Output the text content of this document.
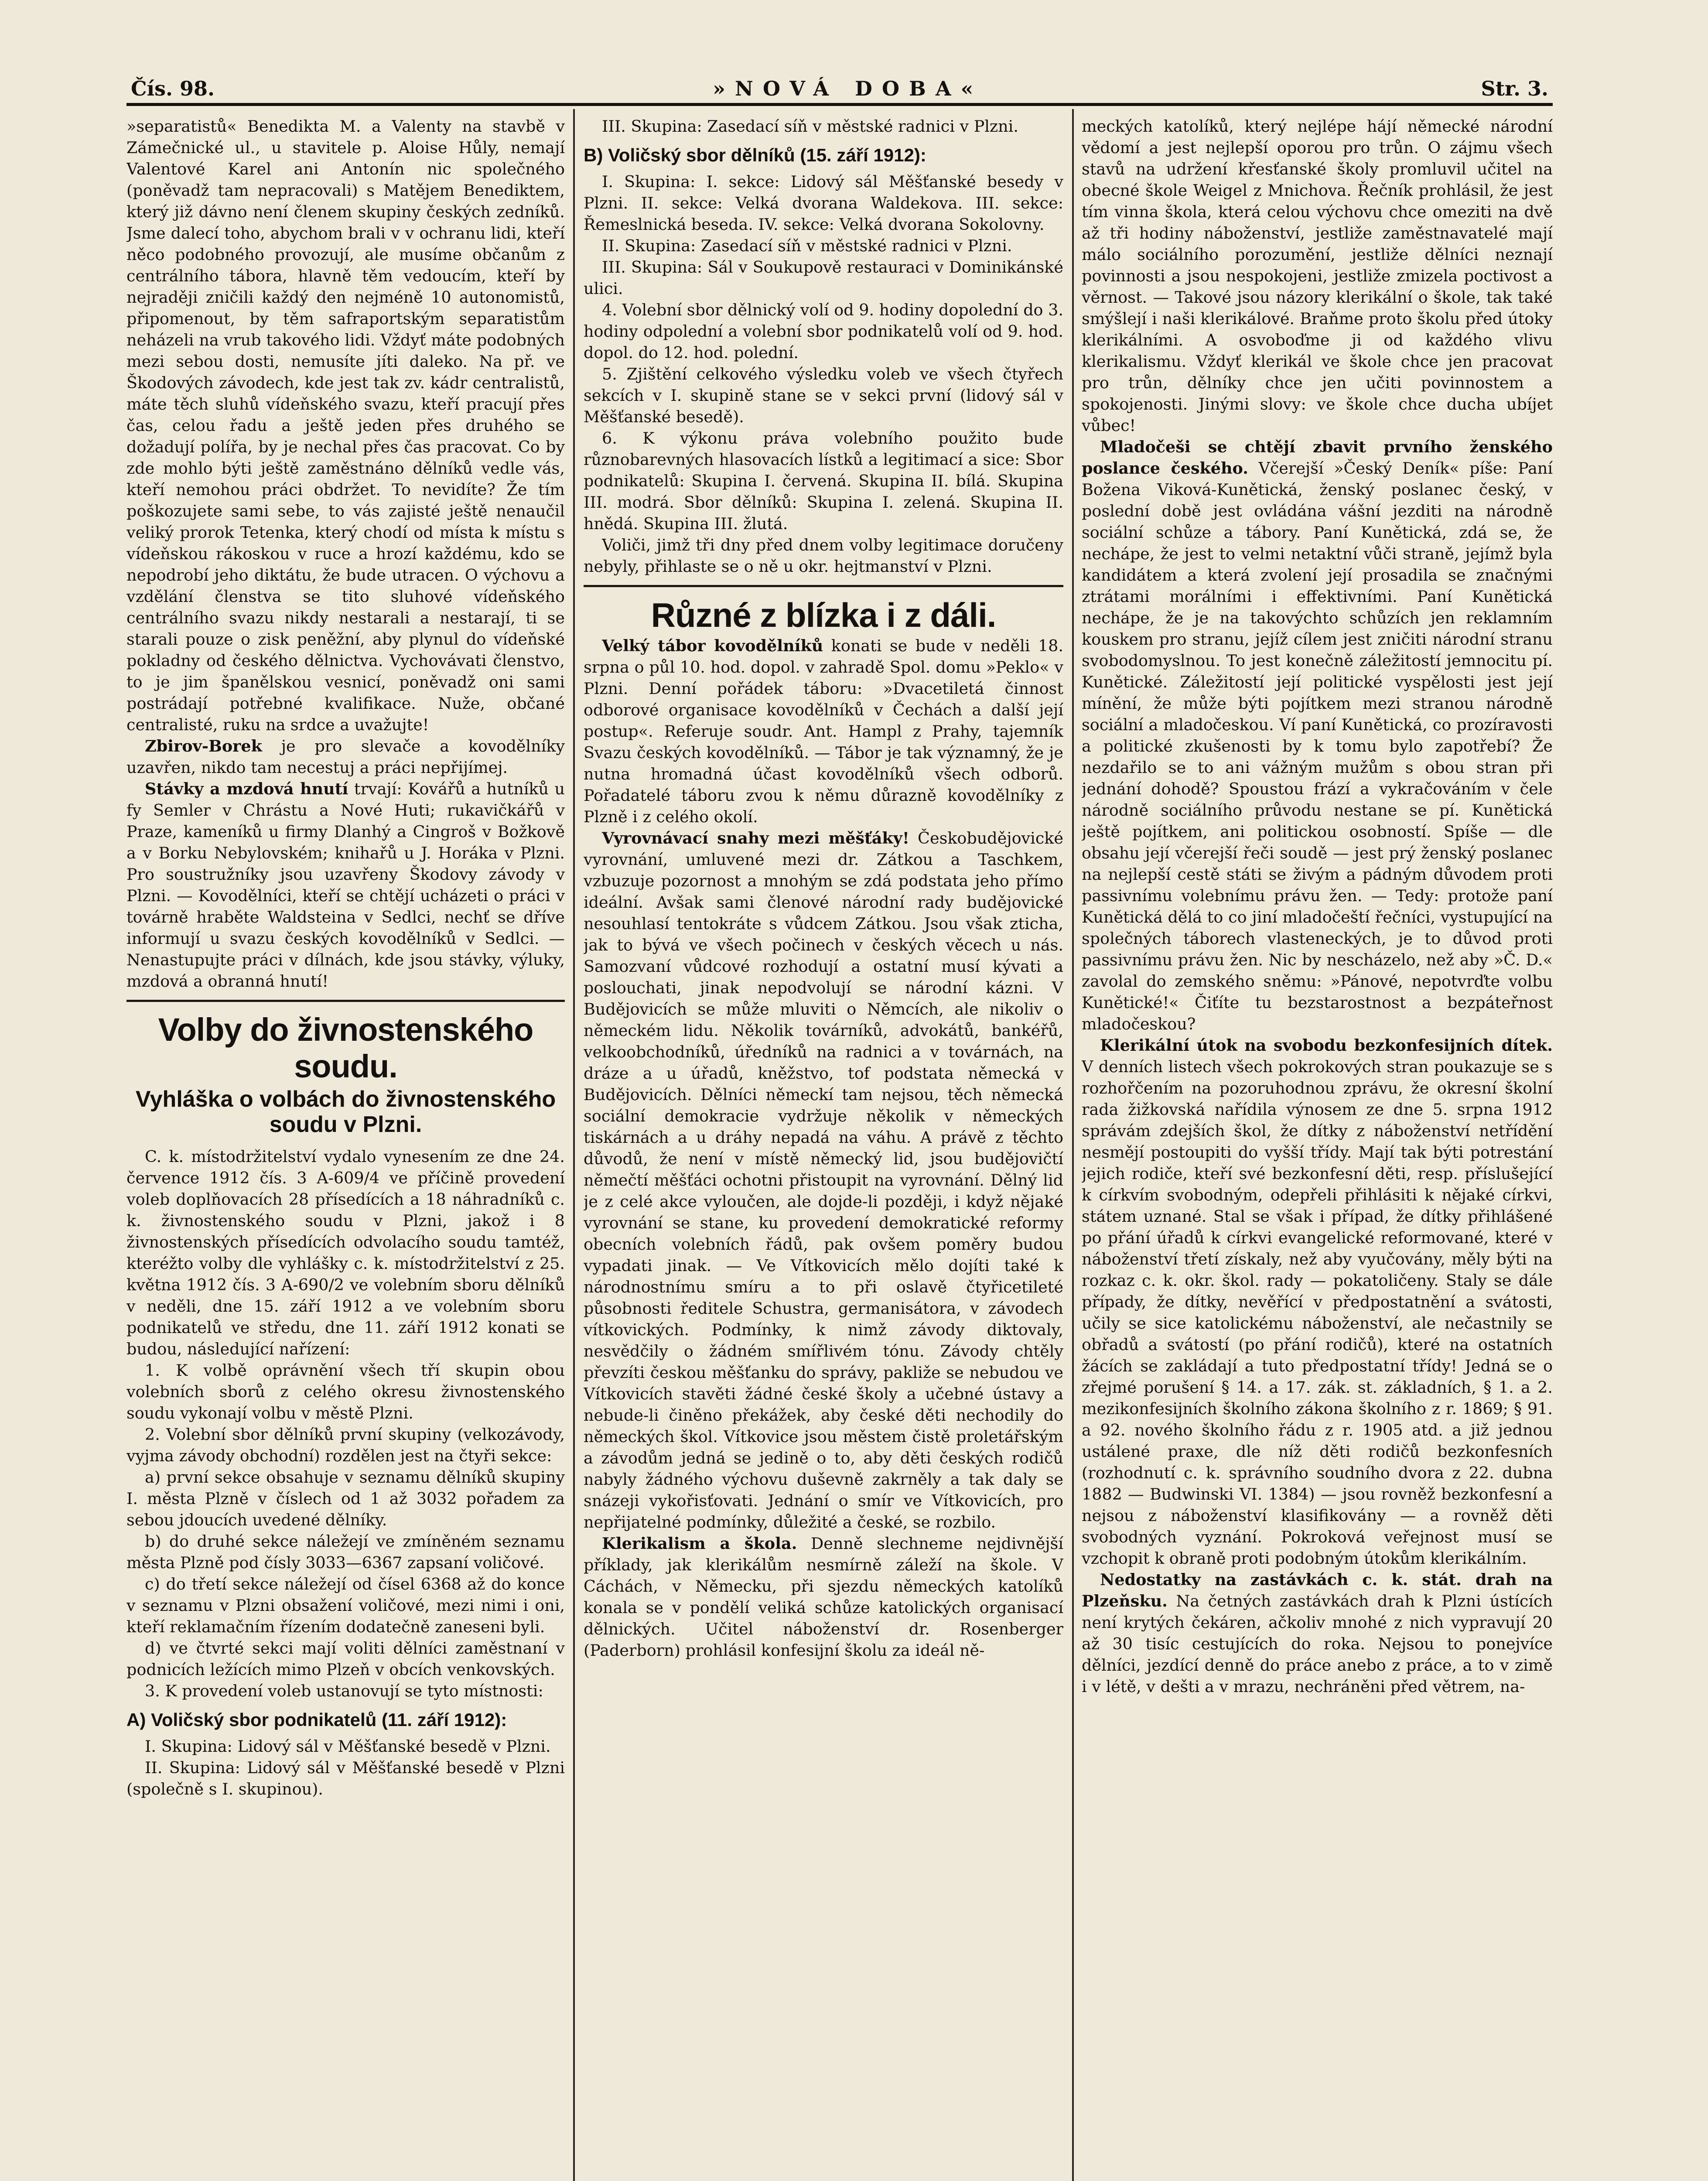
Čís. 98.	»NOVÁ DOBA«	Str. 3.

»separatistů« Benedikta M. a Valenty na stavbě v Zámečnické ul., u stavitele p. Aloise Hůly, nemají Valentové Karel ani Antonín nic společného (poněvadž tam nepracovali) s Matějem Benediktem, který již dávno není členem skupiny českých zedníků. Jsme dalecí toho, abychom brali v v ochranu lidi, kteří něco podobného provozují, ale musíme občanům z centrálního tábora, hlavně těm vedoucím, kteří by nejraději zničili každý den nejméně 10 autonomistů, připomenout, by těm safraportským separatistům neházeli na vrub takového lidi. Vždyť máte podobných mezi sebou dosti, nemusíte jíti daleko. Na př. ve Škodových závodech, kde jest tak zv. kádr centralistů, máte těch sluhů vídeňského svazu, kteří pracují přes čas, celou řadu a ještě jeden přes druhého se dožadují polířa, by je nechal přes čas pracovat. Co by zde mohlo býti ještě zaměstnáno dělníků vedle vás, kteří nemohou práci obdržet. To nevidíte? Že tím poškozujete sami sebe, to vás zajisté ještě nenaučil veliký prorok Tetenka, který chodí od místa k místu s vídeňskou rákoskou v ruce a hrozí každému, kdo se nepodrobí jeho diktátu, že bude utracen. O výchovu a vzdělání členstva se tito sluhové vídeňského centrálního svazu nikdy nestarali a nestarají, ti se starali pouze o zisk peněžní, aby plynul do vídeňské pokladny od českého dělnictva. Vychovávati členstvo, to je jim španělskou vesnicí, poněvadž oni sami postrádají potřebné kvalifikace. Nuže, občané centralisté, ruku na srdce a uvažujte!

Zbirov-Borek je pro slevače a kovodělníky uzavřen, nikdo tam necestuj a práci nepřijímej.

Stávky a mzdová hnutí trvají: Kovářů a hutníků u fy Semler v Chrástu a Nové Huti; rukavičkářů v Praze, kameníků u firmy Dlanhý a Cingroš v Božkově a v Borku Nebylovském; knihařů u J. Horáka v Plzni. Pro soustružníky jsou uzavřeny Škodovy závody v Plzni. — Kovodělníci, kteří se chtějí ucházeti o práci v továrně hraběte Waldsteina v Sedlci, nechť se dříve informují u svazu českých kovodělníků v Sedlci. — Nenastupujte práci v dílnách, kde jsou stávky, výluky, mzdová a obranná hnutí!

Volby do živnostenského soudu.
Vyhláška o volbách do živnostenského soudu v Plzni.

C. k. místodržitelství vydalo vynesením ze dne 24. července 1912 čís. 3 A-609/4 ve příčině provedení voleb doplňovacích 28 přísedících a 18 náhradníků c. k. živnostenského soudu v Plzni, jakož i 8 živnostenských přísedících odvolacího soudu tamtéž, kteréžto volby dle vyhlášky c. k. místodržitelství z 25. května 1912 čís. 3 A-690/2 ve volebním sboru dělníků v neděli, dne 15. září 1912 a ve volebním sboru podnikatelů ve středu, dne 11. září 1912 konati se budou, následující nařízení:

1. K volbě oprávnění všech tří skupin obou volebních sborů z celého okresu živnostenského soudu vykonají volbu v městě Plzni.

2. Volební sbor dělníků první skupiny (velkozávody, vyjma závody obchodní) rozdělen jest na čtyři sekce:

a) první sekce obsahuje v seznamu dělníků skupiny I. města Plzně v číslech od 1 až 3032 pořadem za sebou jdoucích uvedené dělníky.

b) do druhé sekce náležejí ve zmíněném seznamu města Plzně pod čísly 3033—6367 zapsaní voličové.

c) do třetí sekce náležejí od čísel 6368 až do konce v seznamu v Plzni obsažení voličové, mezi nimi i oni, kteří reklamačním řízením dodatečně zaneseni byli.

d) ve čtvrté sekci mají voliti dělníci zaměstnaní v podnicích ležících mimo Plzeň v obcích venkovských.

3. K provedení voleb ustanovují se tyto místnosti:

A) Voličský sbor podnikatelů (11. září 1912):

I. Skupina: Lidový sál v Měšťanské besedě v Plzni.

II. Skupina: Lidový sál v Měšťanské besedě v Plzni (společně s I. skupinou).

III. Skupina: Zasedací síň v městské radnici v Plzni.

B) Voličský sbor dělníků (15. září 1912):

I. Skupina: I. sekce: Lidový sál Měšťanské besedy v Plzni. II. sekce: Velká dvorana Waldekova. III. sekce: Řemeslnická beseda. IV. sekce: Velká dvorana Sokolovny.

II. Skupina: Zasedací síň v městské radnici v Plzni.

III. Skupina: Sál v Soukupově restauraci v Dominikánské ulici.

4. Volební sbor dělnický volí od 9. hodiny dopolední do 3. hodiny odpolední a volební sbor podnikatelů volí od 9. hod. dopol. do 12. hod. polední.

5. Zjištění celkového výsledku voleb ve všech čtyřech sekcích v I. skupině stane se v sekci první (lidový sál v Měšťanské besedě).

6. K výkonu práva volebního použito bude různobarevných hlasovacích lístků a legitimací a sice: Sbor podnikatelů: Skupina I. červená. Skupina II. bílá. Skupina III. modrá. Sbor dělníků: Skupina I. zelená. Skupina II. hnědá. Skupina III. žlutá.

Voliči, jimž tři dny před dnem volby legitimace doručeny nebyly, přihlaste se o ně u okr. hejtmanství v Plzni.

Různé z blízka i z dáli.

Velký tábor kovodělníků konati se bude v neděli 18. srpna o půl 10. hod. dopol. v zahradě Spol. domu »Peklo« v Plzni. Denní pořádek táboru: »Dvacetiletá činnost odborové organisace kovodělníků v Čechách a další její postup«. Referuje soudr. Ant. Hampl z Prahy, tajemník Svazu českých kovodělníků. — Tábor je tak významný, že je nutna hromadná účast kovodělníků všech odborů. Pořadatelé táboru zvou k němu důrazně kovodělníky z Plzně i z celého okolí.

Vyrovnávací snahy mezi měšťáky! Českobudějovické vyrovnání, umluvené mezi dr. Zátkou a Taschkem, vzbuzuje pozornost a mnohým se zdá podstata jeho přímo ideální. Avšak sami členové národní rady budějovické nesouhlasí tentokráte s vůdcem Zátkou. Jsou však zticha, jak to bývá ve všech počinech v českých věcech u nás. Samozvaní vůdcové rozhodují a ostatní musí kývati a poslouchati, jinak nepodvolují se národní kázni. V Budějovicích se může mluviti o Němcích, ale nikoliv o německém lidu. Několik továrníků, advokátů, bankéřů, velkoobchodníků, úředníků na radnici a v továrnách, na dráze a u úřadů, kněžstvo, tof podstata německá v Budějovicích. Dělníci německí tam nejsou, těch německá sociální demokracie vydržuje několik v německých tiskárnách a u dráhy nepadá na váhu. A právě z těchto důvodů, že není v místě německý lid, jsou budějovičtí němečtí měšťáci ochotni přistoupit na vyrovnání. Dělný lid je z celé akce vyloučen, ale dojde-li později, i když nějaké vyrovnání se stane, ku provedení demokratické reformy obecních volebních řádů, pak ovšem poměry budou vypadati jinak. — Ve Vítkovicích mělo dojíti také k národnostnímu smíru a to při oslavě čtyřicetileté působnosti ředitele Schustra, germanisátora, v závodech vítkovických. Podmínky, k nimž závody diktovaly, nesvědčily o žádném smířlivém tónu. Závody chtěly převzíti českou měšťanku do správy, pakliže se nebudou ve Vítkovicích stavěti žádné české školy a učebné ústavy a nebude-li činěno překážek, aby české děti nechodily do německých škol. Vítkovice jsou městem čistě proletářským a závodům jedná se jedině o to, aby děti českých rodičů nabyly žádného výchovu duševně zakrněly a tak daly se snázeji vykořisťovati. Jednání o smír ve Vítkovicích, pro nepřijatelné podmínky, důležité a české, se rozbilo.

Klerikalism a škola. Denně slechneme nejdivnější příklady, jak klerikálům nesmírně záleží na škole. V Cáchách, v Německu, při sjezdu německých katolíků konala se v pondělí veliká schůze katolických organisací dělnických. Učitel náboženství dr. Rosenberger (Paderborn) prohlásil konfesijní školu za ideál ně-

meckých katolíků, který nejlépe hájí německé národní vědomí a jest nejlepší oporou pro trůn. O zájmu všech stavů na udržení křesťanské školy promluvil učitel na obecné škole Weigel z Mnichova. Řečník prohlásil, že jest tím vinna škola, která celou výchovu chce omeziti na dvě až tři hodiny náboženství, jestliže zaměstnavatelé mají málo sociálního porozumění, jestliže dělníci neznají povinnosti a jsou nespokojeni, jestliže zmizela poctivost a věrnost. — Takové jsou názory klerikální o škole, tak také smýšlejí i naši klerikálové. Braňme proto školu před útoky klerikálními. A osvoboďme ji od každého vlivu klerikalismu. Vždyť klerikál ve škole chce jen pracovat pro trůn, dělníky chce jen učiti povinnostem a spokojenosti. Jinými slovy: ve škole chce ducha ubíjet vůbec!

Mladočeši se chtějí zbavit prvního ženského poslance českého. Včerejší »Český Deník« píše: Paní Božena Viková-Kunětická, ženský poslanec český, v poslední době jest ovládána vášní jezditi na národně sociální schůze a tábory. Paní Kunětická, zdá se, že nechápe, že jest to velmi netaktní vůči straně, jejímž byla kandidátem a která zvolení její prosadila se značnými ztrátami morálními i effektivními. Paní Kunětická nechápe, že je na takovýchto schůzích jen reklamním kouskem pro stranu, jejíž cílem jest zničiti národní stranu svobodomyslnou. To jest konečně záležitostí jemnocitu pí. Kunětické. Záležitostí její politické vyspělosti jest její mínění, že může býti pojítkem mezi stranou národně sociální a mladočeskou. Ví paní Kunětická, co prozíravosti a politické zkušenosti by k tomu bylo zapotřebí? Že nezdařilo se to ani vážným mužům s obou stran při jednání dohodě? Spoustou frází a vykračováním v čele národně sociálního průvodu nestane se pí. Kunětická ještě pojítkem, ani politickou osobností. Spíše — dle obsahu její včerejší řeči soudě — jest prý ženský poslanec na nejlepší cestě státi se živým a pádným důvodem proti passivnímu volebnímu právu žen. — Tedy: protože paní Kunětická dělá to co jiní mladočeští řečníci, vystupující na společných táborech vlasteneckých, je to důvod proti passivnímu právu žen. Nic by nescházelo, než aby »Č. D.« zavolal do zemského sněmu: »Pánové, nepotvrďte volbu Kunětické!« Čiťíte tu bezstarostnost a bezpáteřnost mladočeskou?

Klerikální útok na svobodu bezkonfesijních dítek. V denních listech všech pokrokových stran poukazuje se s rozhořčením na pozoruhodnou zprávu, že okresní školní rada žižkovská nařídila výnosem ze dne 5. srpna 1912 správám zdejších škol, že dítky z náboženství netřídění nesmějí postoupiti do vyšší třídy. Mají tak býti potrestání jejich rodiče, kteří své bezkonfesní děti, resp. příslušející k církvím svobodným, odepřeli přihlásiti k nějaké církvi, státem uznané. Stal se však i případ, že dítky přihlášené po přání úřadů k církvi evangelické reformované, které v náboženství třetí získaly, než aby vyučovány, měly býti na rozkaz c. k. okr. škol. rady — pokatoličeny. Staly se dále případy, že dítky, nevěřící v předpostatnění a svátosti, učily se sice katolickému náboženství, ale nečastnily se obřadů a svátostí (po přání rodičů), které na ostatních žácích se zakládají a tuto předpostatní třídy! Jedná se o zřejmé porušení § 14. a 17. zák. st. základních, § 1. a 2. mezikonfesijních školního zákona školního z r. 1869; § 91. a 92. nového školního řádu z r. 1905 atd. a již jednou ustálené praxe, dle níž děti rodičů bezkonfesních (rozhodnutí c. k. správního soudního dvora z 22. dubna 1882 — Budwinski VI. 1384) — jsou rovněž bezkonfesní a nejsou z náboženství klasifikovány — a rovněž děti svobodných vyznání. Pokroková veřejnost musí se vzchopit k obraně proti podobným útokům klerikálním.

Nedostatky na zastávkách c. k. stát. drah na Plzeňsku. Na četných zastávkách drah k Plzni ústících není krytých čekáren, ačkoliv mnohé z nich vypravují 20 až 30 tisíc cestujících do roka. Nejsou to ponejvíce dělníci, jezdící denně do práce anebo z práce, a to v zimě i v létě, v dešti a v mrazu, nechráněni před větrem, na-
